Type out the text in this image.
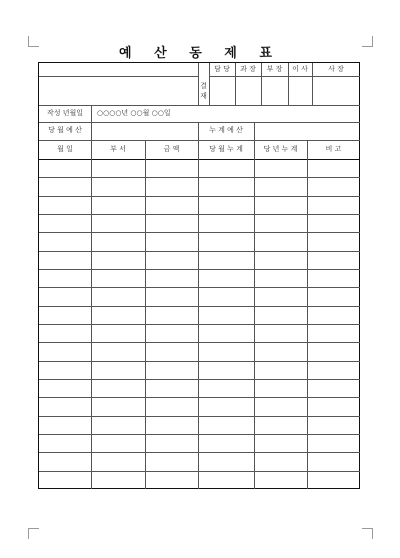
예 산 동 제 표
결
재
담 당	과 장	부 장	이 사	사 장
작성 년월일	○○○○년 ○○월 ○○일
당 월 예 산	누 계 예 산
월 일	부 서	금 액	당 월 누 계	당 년 누 계	비 고
